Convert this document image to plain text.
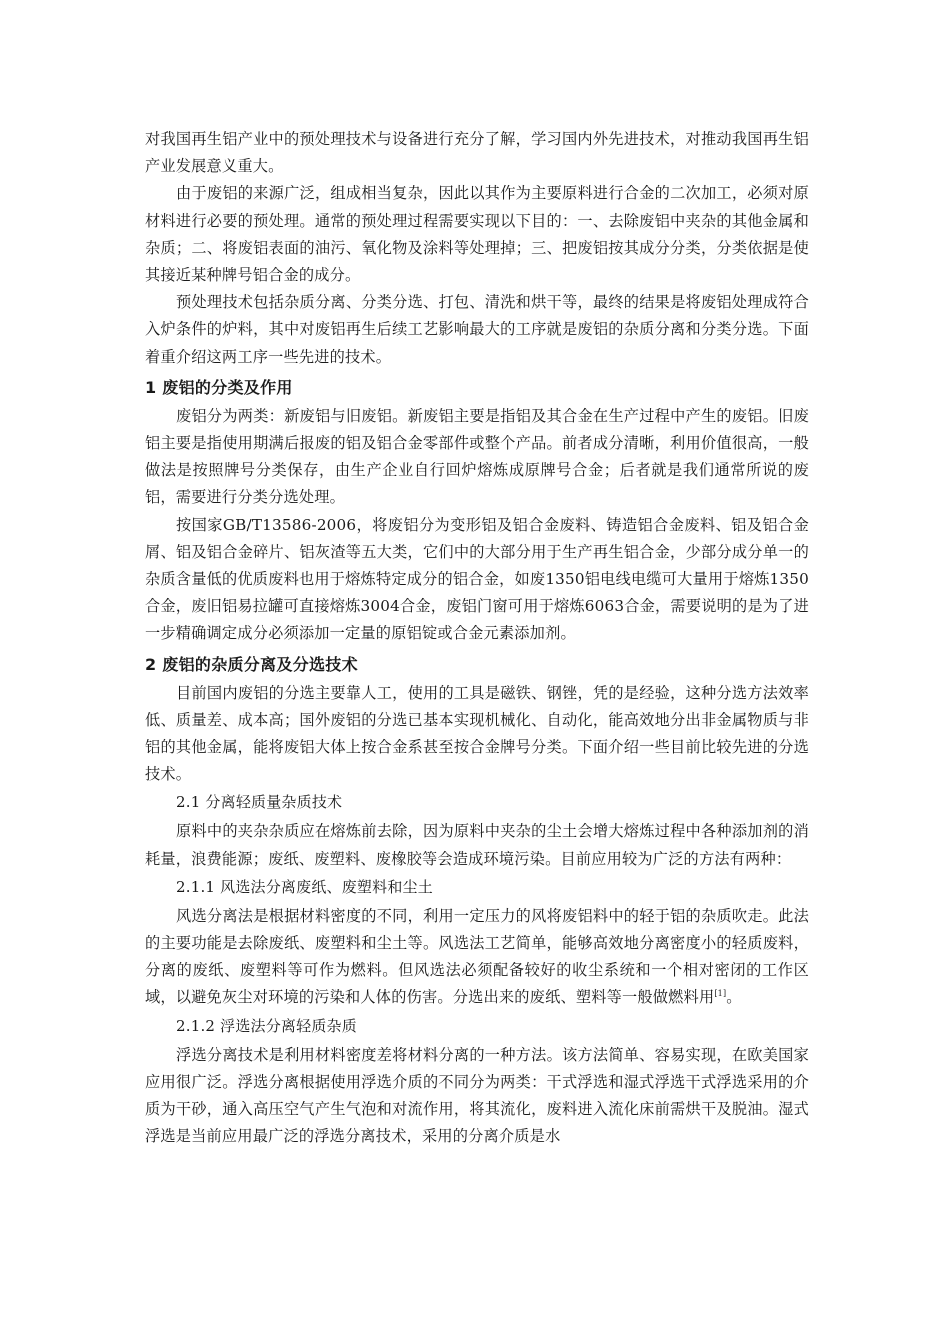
对我国再生铝产业中的预处理技术与设备进行充分了解，学习国内外先进技术，对推动我国再生铝产业发展意义重大。

由于废铝的来源广泛，组成相当复杂，因此以其作为主要原料进行合金的二次加工，必须对原材料进行必要的预处理。通常的预处理过程需要实现以下目的：一、去除废铝中夹杂的其他金属和杂质；二、将废铝表面的油污、氧化物及涂料等处理掉；三、把废铝按其成分分类，分类依据是使其接近某种牌号铝合金的成分。

预处理技术包括杂质分离、分类分选、打包、清洗和烘干等，最终的结果是将废铝处理成符合入炉条件的炉料，其中对废铝再生后续工艺影响最大的工序就是废铝的杂质分离和分类分选。下面着重介绍这两工序一些先进的技术。

1 废铝的分类及作用

废铝分为两类：新废铝与旧废铝。新废铝主要是指铝及其合金在生产过程中产生的废铝。旧废铝主要是指使用期满后报废的铝及铝合金零部件或整个产品。前者成分清晰，利用价值很高，一般做法是按照牌号分类保存，由生产企业自行回炉熔炼成原牌号合金；后者就是我们通常所说的废铝，需要进行分类分选处理。

按国家GB/T13586-2006，将废铝分为变形铝及铝合金废料、铸造铝合金废料、铝及铝合金屑、铝及铝合金碎片、铝灰渣等五大类，它们中的大部分用于生产再生铝合金，少部分成分单一的杂质含量低的优质废料也用于熔炼特定成分的铝合金，如废1350铝电线电缆可大量用于熔炼1350合金，废旧铝易拉罐可直接熔炼3004合金，废铝门窗可用于熔炼6063合金，需要说明的是为了进一步精确调定成分必须添加一定量的原铝锭或合金元素添加剂。

2 废铝的杂质分离及分选技术

目前国内废铝的分选主要靠人工，使用的工具是磁铁、钢锉，凭的是经验，这种分选方法效率低、质量差、成本高；国外废铝的分选已基本实现机械化、自动化，能高效地分出非金属物质与非铝的其他金属，能将废铝大体上按合金系甚至按合金牌号分类。下面介绍一些目前比较先进的分选技术。

2.1 分离轻质量杂质技术

原料中的夹杂杂质应在熔炼前去除，因为原料中夹杂的尘土会增大熔炼过程中各种添加剂的消耗量，浪费能源；废纸、废塑料、废橡胶等会造成环境污染。目前应用较为广泛的方法有两种：

2.1.1 风选法分离废纸、废塑料和尘土

风选分离法是根据材料密度的不同，利用一定压力的风将废铝料中的轻于铝的杂质吹走。此法的主要功能是去除废纸、废塑料和尘土等。风选法工艺简单，能够高效地分离密度小的轻质废料，分离的废纸、废塑料等可作为燃料。但风选法必须配备较好的收尘系统和一个相对密闭的工作区域，以避免灰尘对环境的污染和人体的伤害。分选出来的废纸、塑料等一般做燃料用[1]。

2.1.2 浮选法分离轻质杂质

浮选分离技术是利用材料密度差将材料分离的一种方法。该方法简单、容易实现，在欧美国家应用很广泛。浮选分离根据使用浮选介质的不同分为两类：干式浮选和湿式浮选干式浮选采用的介质为干砂，通入高压空气产生气泡和对流作用，将其流化，废料进入流化床前需烘干及脱油。湿式浮选是当前应用最广泛的浮选分离技术，采用的分离介质是水
